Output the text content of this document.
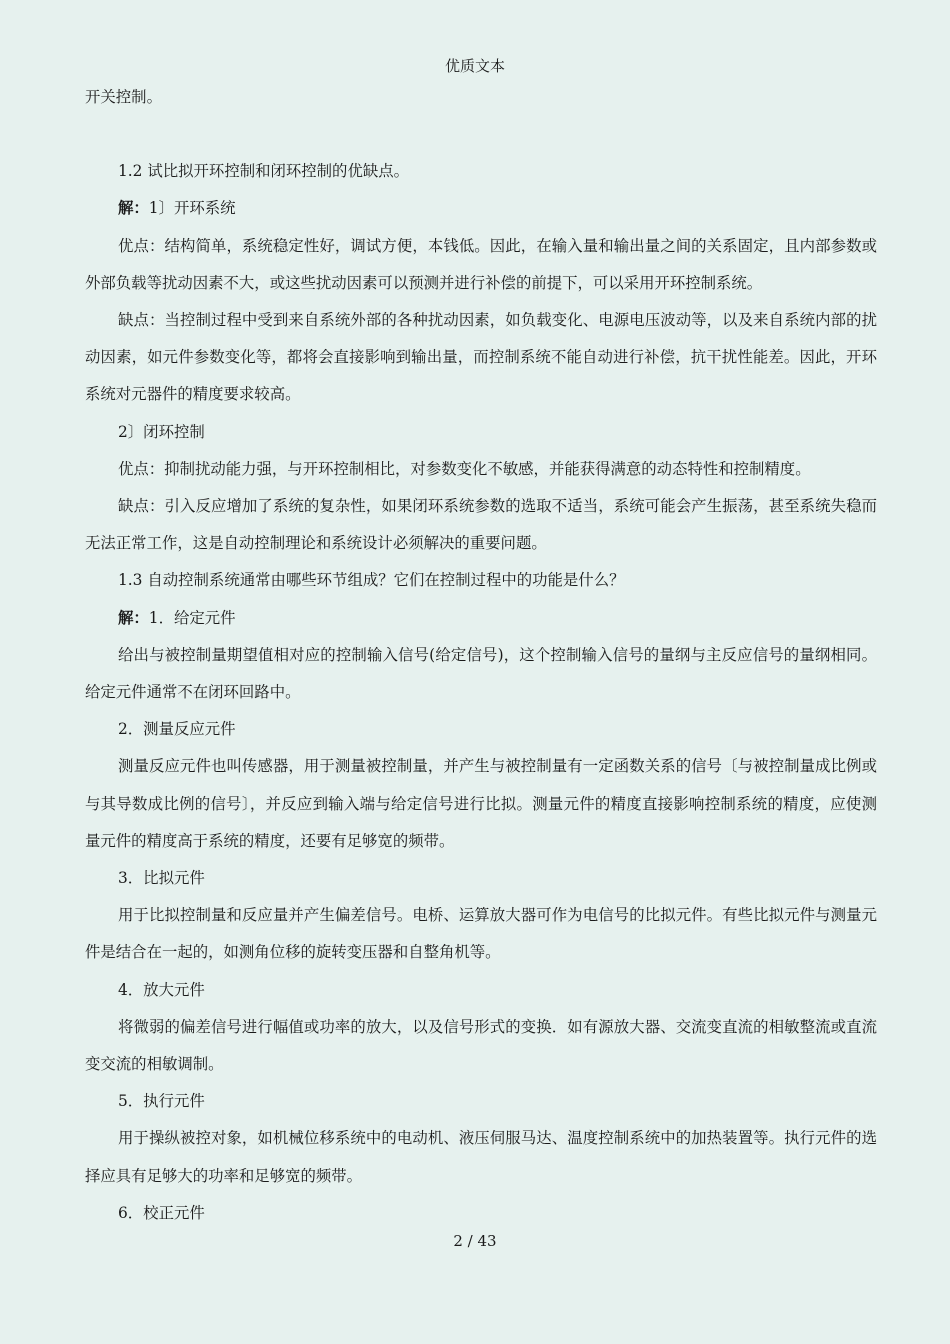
优质文本

开关控制。

1.2 试比拟开环控制和闭环控制的优缺点。

解：1〕开环系统

优点：结构简单，系统稳定性好，调试方便，本钱低。因此，在输入量和输出量之间的关系固定，且内部参数或外部负载等扰动因素不大，或这些扰动因素可以预测并进行补偿的前提下，可以采用开环控制系统。

缺点：当控制过程中受到来自系统外部的各种扰动因素，如负载变化、电源电压波动等，以及来自系统内部的扰动因素，如元件参数变化等，都将会直接影响到输出量，而控制系统不能自动进行补偿，抗干扰性能差。因此，开环系统对元器件的精度要求较高。

2〕闭环控制

优点：抑制扰动能力强，与开环控制相比，对参数变化不敏感，并能获得满意的动态特性和控制精度。

缺点：引入反应增加了系统的复杂性，如果闭环系统参数的选取不适当，系统可能会产生振荡，甚至系统失稳而无法正常工作，这是自动控制理论和系统设计必须解决的重要问题。

1.3 自动控制系统通常由哪些环节组成？它们在控制过程中的功能是什么？

解：1．给定元件

给出与被控制量期望值相对应的控制输入信号(给定信号)，这个控制输入信号的量纲与主反应信号的量纲相同。给定元件通常不在闭环回路中。

2．测量反应元件

测量反应元件也叫传感器，用于测量被控制量，并产生与被控制量有一定函数关系的信号〔与被控制量成比例或与其导数成比例的信号〕，并反应到输入端与给定信号进行比拟。测量元件的精度直接影响控制系统的精度，应使测量元件的精度高于系统的精度，还要有足够宽的频带。

3．比拟元件

用于比拟控制量和反应量并产生偏差信号。电桥、运算放大器可作为电信号的比拟元件。有些比拟元件与测量元件是结合在一起的，如测角位移的旋转变压器和自整角机等。

4．放大元件

将微弱的偏差信号进行幅值或功率的放大，以及信号形式的变换．如有源放大器、交流变直流的相敏整流或直流变交流的相敏调制。

5．执行元件

用于操纵被控对象，如机械位移系统中的电动机、液压伺服马达、温度控制系统中的加热装置等。执行元件的选择应具有足够大的功率和足够宽的频带。

6．校正元件

2 / 43
